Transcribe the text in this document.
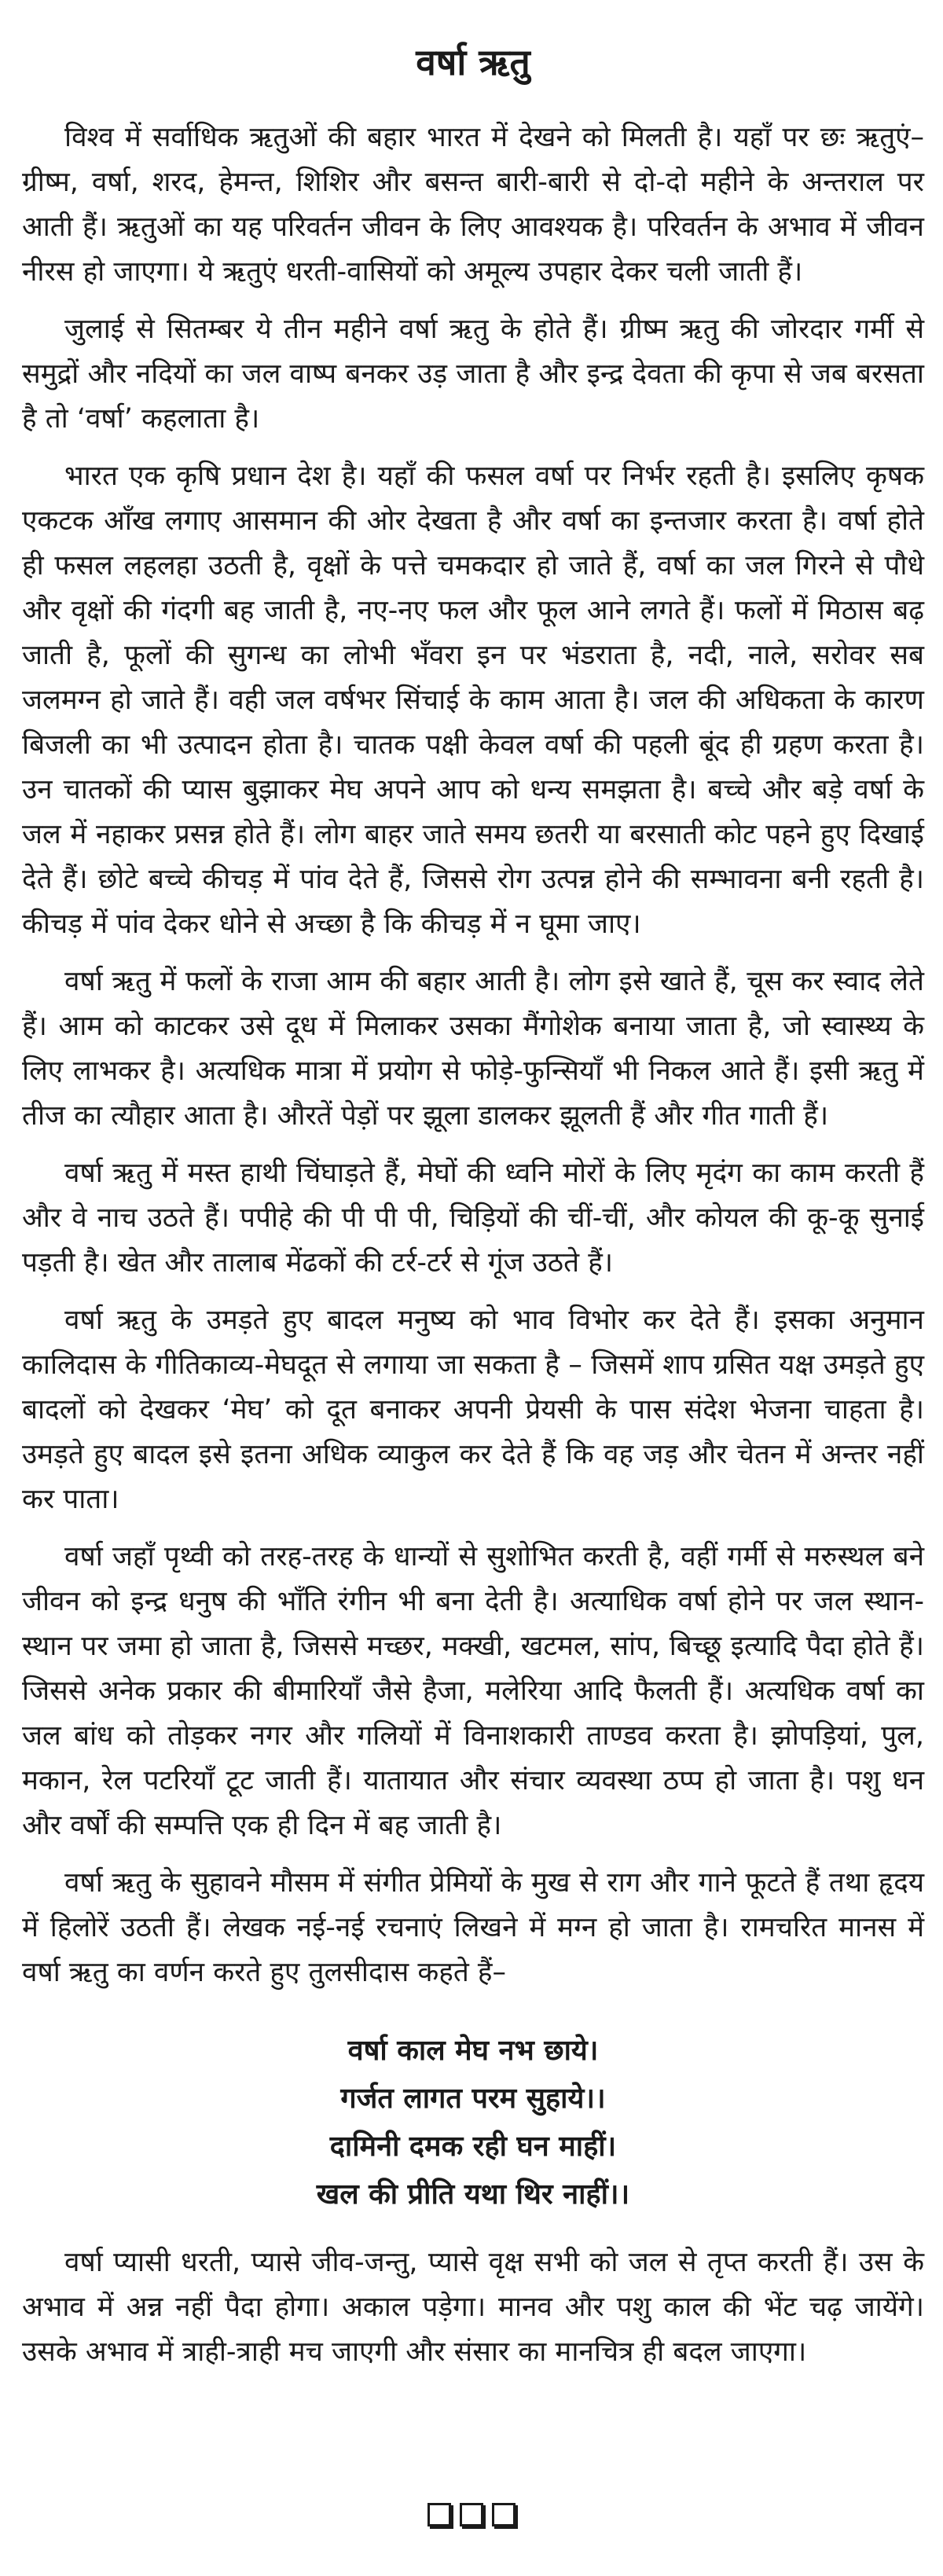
वर्षा ऋतु

विश्व में सर्वाधिक ऋतुओं की बहार भारत में देखने को मिलती है। यहाँ पर छः ऋतुएं–ग्रीष्म, वर्षा, शरद, हेमन्त, शिशिर और बसन्त बारी-बारी से दो-दो महीने के अन्तराल पर आती हैं। ऋतुओं का यह परिवर्तन जीवन के लिए आवश्यक है। परिवर्तन के अभाव में जीवन नीरस हो जाएगा। ये ऋतुएं धरती-वासियों को अमूल्य उपहार देकर चली जाती हैं।

जुलाई से सितम्बर ये तीन महीने वर्षा ऋतु के होते हैं। ग्रीष्म ऋतु की जोरदार गर्मी से समुद्रों और नदियों का जल वाष्प बनकर उड़ जाता है और इन्द्र देवता की कृपा से जब बरसता है तो ‘वर्षा’ कहलाता है।

भारत एक कृषि प्रधान देश है। यहाँ की फसल वर्षा पर निर्भर रहती है। इसलिए कृषक एकटक आँख लगाए आसमान की ओर देखता है और वर्षा का इन्तजार करता है। वर्षा होते ही फसल लहलहा उठती है, वृक्षों के पत्ते चमकदार हो जाते हैं, वर्षा का जल गिरने से पौधे और वृक्षों की गंदगी बह जाती है, नए-नए फल और फूल आने लगते हैं। फलों में मिठास बढ़ जाती है, फूलों की सुगन्ध का लोभी भँवरा इन पर भंडराता है, नदी, नाले, सरोवर सब जलमग्न हो जाते हैं। वही जल वर्षभर सिंचाई के काम आता है। जल की अधिकता के कारण बिजली का भी उत्पादन होता है। चातक पक्षी केवल वर्षा की पहली बूंद ही ग्रहण करता है। उन चातकों की प्यास बुझाकर मेघ अपने आप को धन्य समझता है। बच्चे और बड़े वर्षा के जल में नहाकर प्रसन्न होते हैं। लोग बाहर जाते समय छतरी या बरसाती कोट पहने हुए दिखाई देते हैं। छोटे बच्चे कीचड़ में पांव देते हैं, जिससे रोग उत्पन्न होने की सम्भावना बनी रहती है। कीचड़ में पांव देकर धोने से अच्छा है कि कीचड़ में न घूमा जाए।

वर्षा ऋतु में फलों के राजा आम की बहार आती है। लोग इसे खाते हैं, चूस कर स्वाद लेते हैं। आम को काटकर उसे दूध में मिलाकर उसका मैंगोशेक बनाया जाता है, जो स्वास्थ्य के लिए लाभकर है। अत्यधिक मात्रा में प्रयोग से फोड़े-फुन्सियाँ भी निकल आते हैं। इसी ऋतु में तीज का त्यौहार आता है। औरतें पेड़ों पर झूला डालकर झूलती हैं और गीत गाती हैं।

वर्षा ऋतु में मस्त हाथी चिंघाड़ते हैं, मेघों की ध्वनि मोरों के लिए मृदंग का काम करती हैं और वे नाच उठते हैं। पपीहे की पी पी पी, चिड़ियों की चीं-चीं, और कोयल की कू-कू सुनाई पड़ती है। खेत और तालाब मेंढकों की टर्र-टर्र से गूंज उठते हैं।

वर्षा ऋतु के उमड़ते हुए बादल मनुष्य को भाव विभोर कर देते हैं। इसका अनुमान कालिदास के गीतिकाव्य-मेघदूत से लगाया जा सकता है – जिसमें शाप ग्रसित यक्ष उमड़ते हुए बादलों को देखकर ‘मेघ’ को दूत बनाकर अपनी प्रेयसी के पास संदेश भेजना चाहता है। उमड़ते हुए बादल इसे इतना अधिक व्याकुल कर देते हैं कि वह जड़ और चेतन में अन्तर नहीं कर पाता।

वर्षा जहाँ पृथ्वी को तरह-तरह के धान्यों से सुशोभित करती है, वहीं गर्मी से मरुस्थल बने जीवन को इन्द्र धनुष की भाँति रंगीन भी बना देती है। अत्याधिक वर्षा होने पर जल स्थान-स्थान पर जमा हो जाता है, जिससे मच्छर, मक्खी, खटमल, सांप, बिच्छू इत्यादि पैदा होते हैं। जिससे अनेक प्रकार की बीमारियाँ जैसे हैजा, मलेरिया आदि फैलती हैं। अत्यधिक वर्षा का जल बांध को तोड़कर नगर और गलियों में विनाशकारी ताण्डव करता है। झोपड़ियां, पुल, मकान, रेल पटरियाँ टूट जाती हैं। यातायात और संचार व्यवस्था ठप्प हो जाता है। पशु धन और वर्षों की सम्पत्ति एक ही दिन में बह जाती है।

वर्षा ऋतु के सुहावने मौसम में संगीत प्रेमियों के मुख से राग और गाने फूटते हैं तथा हृदय में हिलोरें उठती हैं। लेखक नई-नई रचनाएं लिखने में मग्न हो जाता है। रामचरित मानस में वर्षा ऋतु का वर्णन करते हुए तुलसीदास कहते हैं–

वर्षा काल मेघ नभ छाये।
गर्जत लागत परम सुहाये।।
दामिनी दमक रही घन माहीं।
खल की प्रीति यथा थिर नाहीं।।

वर्षा प्यासी धरती, प्यासे जीव-जन्तु, प्यासे वृक्ष सभी को जल से तृप्त करती हैं। उस के अभाव में अन्न नहीं पैदा होगा। अकाल पड़ेगा। मानव और पशु काल की भेंट चढ़ जायेंगे। उसके अभाव में त्राही-त्राही मच जाएगी और संसार का मानचित्र ही बदल जाएगा।
